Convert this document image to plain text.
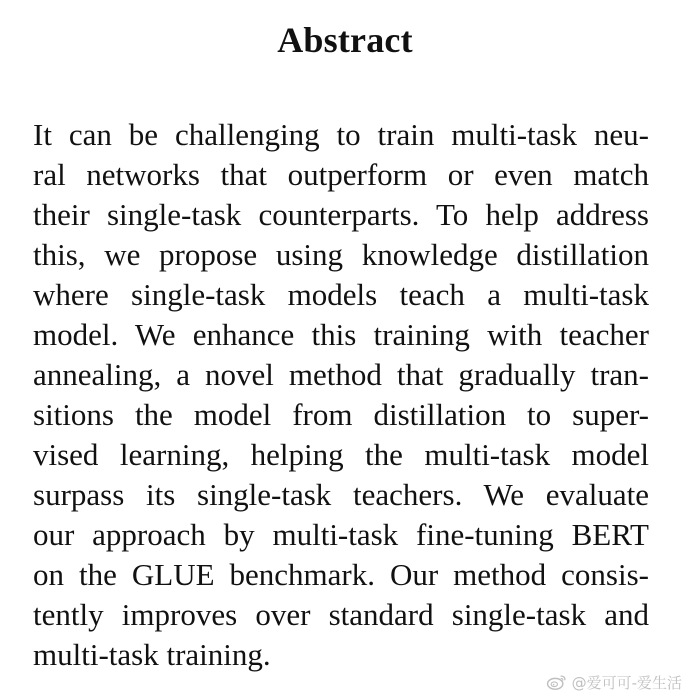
Abstract
It can be challenging to train multi-task neu-
ral networks that outperform or even match
their single-task counterparts. To help address
this, we propose using knowledge distillation
where single-task models teach a multi-task
model. We enhance this training with teacher
annealing, a novel method that gradually tran-
sitions the model from distillation to super-
vised learning, helping the multi-task model
surpass its single-task teachers. We evaluate
our approach by multi-task fine-tuning BERT
on the GLUE benchmark. Our method consis-
tently improves over standard single-task and
multi-task training.
@爱可可-爱生活
